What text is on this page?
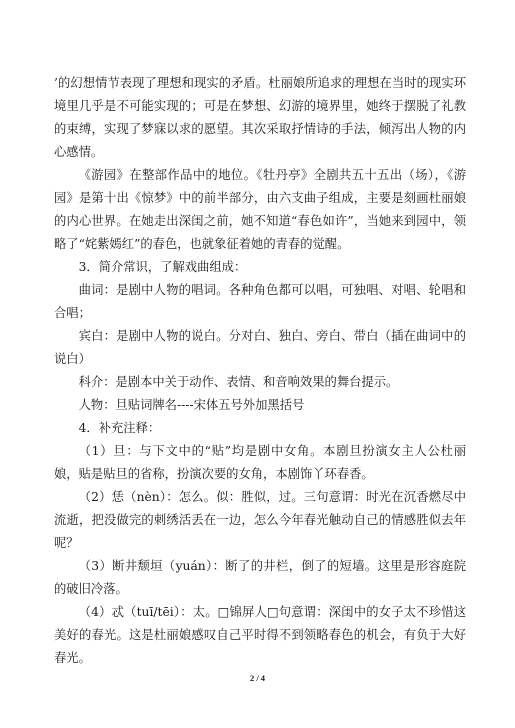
’的幻想情节表现了理想和现实的矛盾。杜丽娘所追求的理想在当时的现实环境里几乎是不可能实现的；可是在梦想、幻游的境界里，她终于摆脱了礼教的束缚，实现了梦寐以求的愿望。其次采取抒情诗的手法，倾泻出人物的内心感情。

《游园》在整部作品中的地位。《牡丹亭》全剧共五十五出（场），《游园》是第十出《惊梦》中的前半部分，由六支曲子组成，主要是刻画杜丽娘的内心世界。在她走出深闺之前，她不知道“春色如许”，当她来到园中，领略了“姹紫嫣红”的春色，也就象征着她的青春的觉醒。

3．简介常识，了解戏曲组成：

曲词：是剧中人物的唱词。各种角色都可以唱，可独唱、对唱、轮唱和合唱；

宾白：是剧中人物的说白。分对白、独白、旁白、带白（插在曲词中的说白）

科介：是剧本中关于动作、表情、和音响效果的舞台提示。

人物：旦贴词牌名----宋体五号外加黑括号

4．补充注释：

（1）旦：与下文中的“贴”均是剧中女角。本剧旦扮演女主人公杜丽娘，贴是贴旦的省称，扮演次要的女角，本剧饰丫环春香。

（2）恁（nèn）：怎么。似：胜似，过。三句意谓：时光在沉香燃尽中流逝，把没做完的刺绣活丢在一边，怎么今年春光触动自己的情感胜似去年呢？

（3）断井颓垣（yuán）：断了的井栏，倒了的短墙。这里是形容庭院的破旧冷落。

（4）忒（tuī/tēi）：太。□锦屏人□句意谓：深闺中的女子太不珍惜这美好的春光。这是杜丽娘感叹自己平时得不到领略春色的机会，有负于大好春光。

2 / 4
